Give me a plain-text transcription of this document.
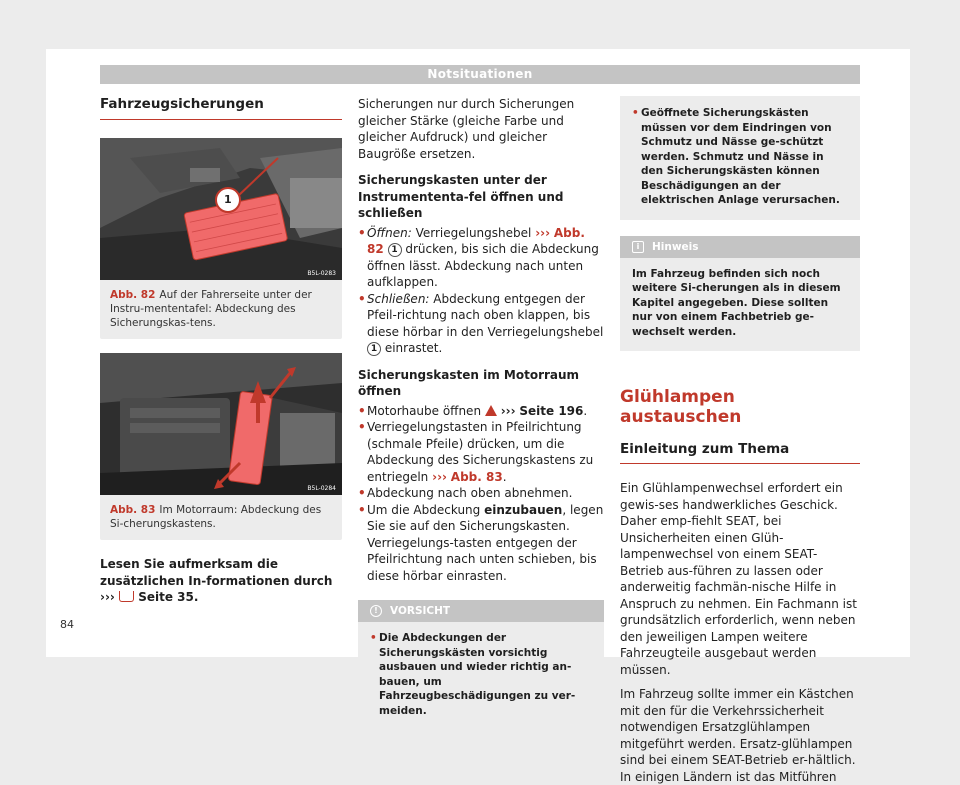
Notsituationen
Fahrzeugsicherungen
1
B5L-0283
Abb. 82 Auf der Fahrerseite unter der Instru-mententafel: Abdeckung des Sicherungskas-tens.
B5L-0284
Abb. 83 Im Motorraum: Abdeckung des Si-cherungskastens.

Lesen Sie aufmerksam die zusätzlichen In-formationen durch ››› Seite 35.

Sicherungen nur durch Sicherungen gleicher Stärke (gleiche Farbe und gleicher Aufdruck) und gleicher Baugröße ersetzen.

Sicherungskasten unter der Instrumententa-fel öffnen und schließen

• Öffnen: Verriegelungshebel ››› Abb. 82 1 drücken, bis sich die Abdeckung öffnen lässt. Abdeckung nach unten aufklappen.
• Schließen: Abdeckung entgegen der Pfeil-richtung nach oben klappen, bis diese hörbar in den Verriegelungshebel 1 einrastet.

Sicherungskasten im Motorraum öffnen

• Motorhaube öffnen ››› Seite 196.
• Verriegelungstasten in Pfeilrichtung (schmale Pfeile) drücken, um die Abdeckung des Sicherungskastens zu entriegeln ››› Abb. 83.
• Abdeckung nach oben abnehmen.
• Um die Abdeckung einzubauen, legen Sie sie auf den Sicherungskasten. Verriegelungs-tasten entgegen der Pfeilrichtung nach unten schieben, bis diese hörbar einrasten.
!	VORSICHT
• Die Abdeckungen der Sicherungskästen vorsichtig ausbauen und wieder richtig an-bauen, um Fahrzeugbeschädigungen zu ver-meiden.
• Geöffnete Sicherungskästen müssen vor dem Eindringen von Schmutz und Nässe ge-schützt werden. Schmutz und Nässe in den Sicherungskästen können Beschädigungen an der elektrischen Anlage verursachen.
i	Hinweis

Im Fahrzeug befinden sich noch weitere Si-cherungen als in diesem Kapitel angegeben. Diese sollten nur von einem Fachbetrieb ge-wechselt werden.

Glühlampen austauschen
Einleitung zum Thema

Ein Glühlampenwechsel erfordert ein gewis-ses handwerkliches Geschick. Daher emp-fiehlt SEAT, bei Unsicherheiten einen Glüh-lampenwechsel von einem SEAT-Betrieb aus-führen zu lassen oder anderweitig fachmän-nische Hilfe in Anspruch zu nehmen. Ein Fachmann ist grundsätzlich erforderlich, wenn neben den jeweiligen Lampen weitere Fahrzeugteile ausgebaut werden müssen.

Im Fahrzeug sollte immer ein Kästchen mit den für die Verkehrssicherheit notwendigen Ersatzglühlampen mitgeführt werden. Ersatz-glühlampen sind bei einem SEAT-Betrieb er-hältlich. In einigen Ländern ist das Mitführen

84
